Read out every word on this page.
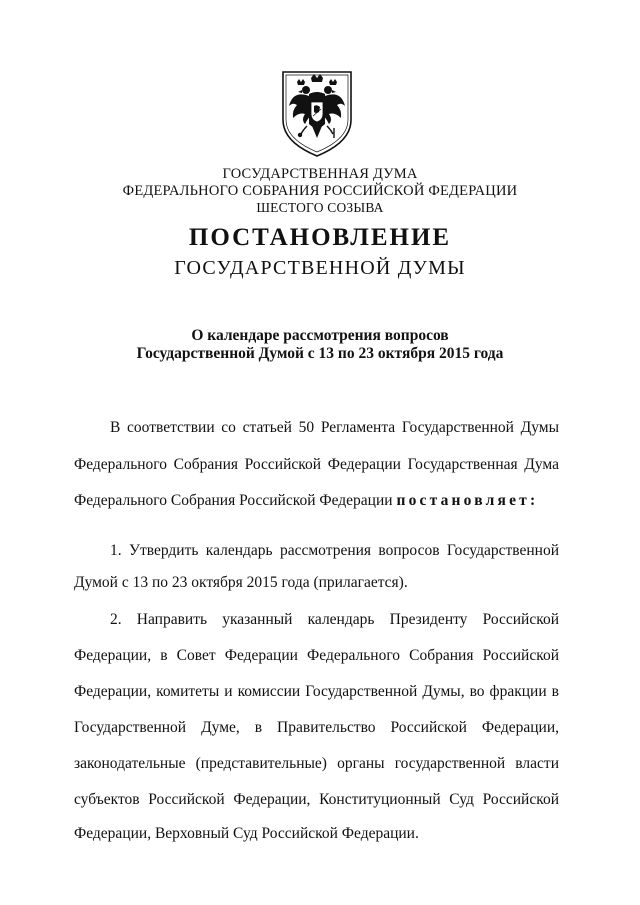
ГОСУДАРСТВЕННАЯ ДУМА
ФЕДЕРАЛЬНОГО СОБРАНИЯ РОССИЙСКОЙ ФЕДЕРАЦИИ
ШЕСТОГО СОЗЫВА
ПОСТАНОВЛЕНИЕ
ГОСУДАРСТВЕННОЙ ДУМЫ
О календаре рассмотрения вопросов
Государственной Думой с 13 по 23 октября 2015 года
В соответствии со статьей 50 Регламента Государственной Думы
Федерального Собрания Российской Федерации Государственная Дума
Федерального Собрания Российской Федерации постановляет:
1. Утвердить календарь рассмотрения вопросов Государственной
Думой с 13 по 23 октября 2015 года (прилагается).
2. Направить указанный календарь Президенту Российской
Федерации, в Совет Федерации Федерального Собрания Российской
Федерации, комитеты и комиссии Государственной Думы, во фракции в
Государственной Думе, в Правительство Российской Федерации,
законодательные (представительные) органы государственной власти
субъектов Российской Федерации, Конституционный Суд Российской
Федерации, Верховный Суд Российской Федерации.
